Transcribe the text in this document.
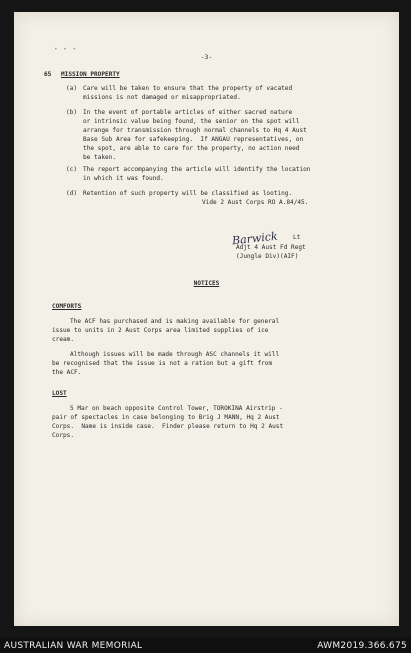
• • •
-3-
65 MISSION PROPERTY
(a) Care will be taken to ensure that the property of vacated
missions is not damaged or misappropriated.
(b) In the event of portable articles of either sacred nature
or intrinsic value being found, the senior on the spot will
arrange for transmission through normal channels to Hq 4 Aust
Base Sub Area for safekeeping.  If ANGAU representatives, on
the spot, are able to care for the property, no action need
be taken.
(c) The report accompanying the article will identify the location
in which it was found.
(d) Retention of such property will be classified as looting.
Vide 2 Aust Corps RO A.84/45.
Barwick Lt
Adjt 4 Aust Fd Regt
(Jungle Div)(AIF)
NOTICES
COMFORTS
The ACF has purchased and is making available for general
issue to units in 2 Aust Corps area limited supplies of ice
cream.
Although issues will be made through ASC channels it will
be recognised that the issue is not a ration but a gift from
the ACF.
LOST
5 Mar on beach opposite Control Tower, TOROKINA Airstrip -
pair of spectacles in case belonging to Brig J MANN, Hq 2 Aust
Corps.  Name is inside case.  Finder please return to Hq 2 Aust
Corps.
AUSTRALIAN WAR MEMORIAL	AWM2019.366.675
